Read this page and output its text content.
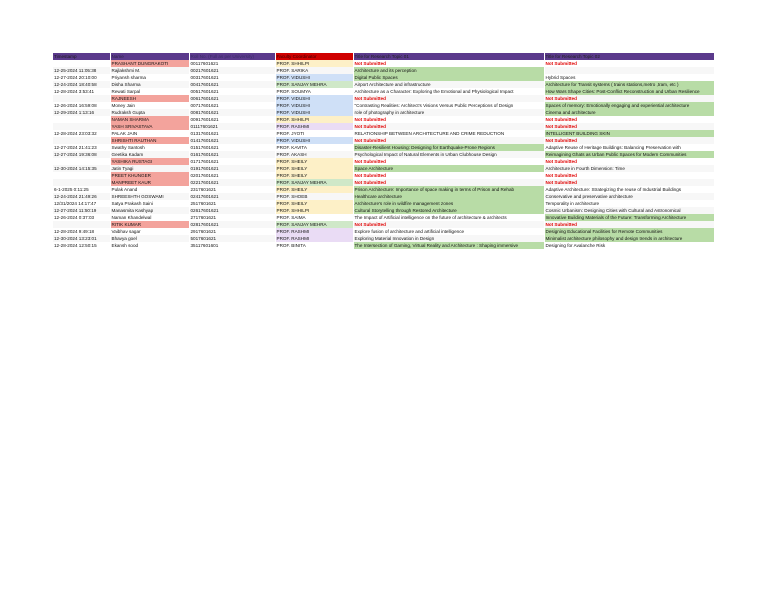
Timestamp	Name	Roll No. (Full as per University)	Faculty Coordinator	Title for Research Topic 01	Title for Research Topic 02
	PRASHANT DUNGRAKOTI	00117601621	PROF. SHHILPI	Not Submitted	Not Submitted
12-25-2024 11:05:38	Rajlakshmi M.	00217601621	PROF. SARIKA	Architecture and its perception	
12-27-2024 20:10:00	Priyansh sharma	00317601621	PROF. VIDUSHI	Digital Public Spaces	Hybrid Spaces
12-24-2024 18:40:58	Disha Sharma	00417601621	PROF. SANJAY MEHRA	Airport Architecture and infrastructure	Architecture for Transit systems ( trains stations,metro ,tram, etc )
12-28-2024 3:53:41	Rewati Sarpal	00517601621	PROF. SOUMYA	Architecture as a Character: Exploring the Emotional and Physiological Impact	How Wars Shape Cities: Post-Conflict Reconstruction and Urban Resilience
	RAJNEESH	00617601621	PROF. VIDUSHI	Not Submitted	Not Submitted
12-26-2024 16:59:08	Money Jain	00717601621	PROF. VIDUSHI	"Contrasting Realities: Architect's Visions Versus Public Perceptions of Design	Spaces of memory: Emotionally engaging and experiential architecture
12-29-2024 1:13:16	Rudraksh Gupta	00817601621	PROF. VIDUSHI	role of photography in architecture	Cinema and architecture
	NAMAN SHARMA	00917601621	PROF. SHHILPI	Not Submitted	Not Submitted
	YASH SRIVASTAVA	01117601621	PROF. RASHMI	Not Submitted	Not Submitted
12-28-2024 23:03:32	PALAK JAIN	01317601621	PROF. JYOTI	RELATIONSHIP BETWEEN ARCHITECTURE AND CRIME REDUCTION	INTELLIGENT BUILDING SKIN
	SHRISHTI RAUTHAN	01417601621	PROF. VIDUSHI	Not Submitted	Not Submitted
12-27-2024 21:41:23	Swathy Santosh	01517601621	PROF. KAVITA	Disaster-Resilient Housing: Designing for Earthquake-Prone Regions	Adaptive Reuse of Heritage Buildings: Balancing Preservation with
12-27-2024 19:36:08	Geetika Kadam	01617601621	PROF. AKASH	Psychological Impact of Natural Elements in Urban Clubhouse Design	Reimagining Ghats as Urban Public Spaces for Modern Communities
	YASHIKA RUSTAGI	01717601621	PROF. SHEILY	Not Submitted	Not Submitted
12-30-2024 14:15:35	Jatin Tyagi	01917601621	PROF. SHEILY	Space Architecture	Architecture in Fourth Dimension: Time
	PREET KHUNGER	02017601621	PROF. SHEILY	Not Submitted	Not Submitted
	MANPREET KAUR	02217601621	PROF. SANJAY MEHRA	Not Submitted	Not Submitted
6-1-2025 0:11:25	Pulak Anand	2317601621	PROF. SHEILY	Prison Architecture: Importance of space making in terms of Prison and Rehab	Adaptive Architecture: Strategizing the reuse of Industrial Buildings
12-24-2024 21:49:26	SHREESHTH GOSWAMI	02417601621	PROF. SHOEB	Healthcare architecture	Conservative and preservative architecture
12/31/2024 14:17:47	Satya Prakash Saini	2517601621	PROF. SHEILY	Architecture's role in wildfire management zones	Temporality in architecture
12-27-2024 11:50:19	Manasmita Kashyap	02617601621	PROF. SHHILPI	Cultural Storytelling through Restored Architecture	Cosmic Urbanism: Designing Cities with Cultural and Astronomical
12-26-2024 0:37:03	Naman Khandelwal	2717601621	PROF. SAIMA	The Impact of Artificial intelligence on the future of architecture & architects	Innovative Building Materials of the Future: Transforming Architecture
	RITIK KUMAR	02817601621	PROF. SANJAY MEHRA	Not Submitted	Not Submitted
12-28-2024 9:49:18	Vaibhav sagar	2917601621	PROF. RASHMI	Explore fusion of architecture and artificial intelligence	Designing Educational Facilities for Remote Communities
12-30-2024 13:23:01	Bhavya goel	5017601621	PROF. RASHMI	Exploring Material Innovation in Design	Minimalist architecture philosophy and design trends in architecture
12-28-2024 12:50:15	Ekansh sood	35117601601	PROF. BINITA	The Intersection of Gaming, Virtual Reality and Architecture : Shaping immersive	Designing for Avalanche Risk
